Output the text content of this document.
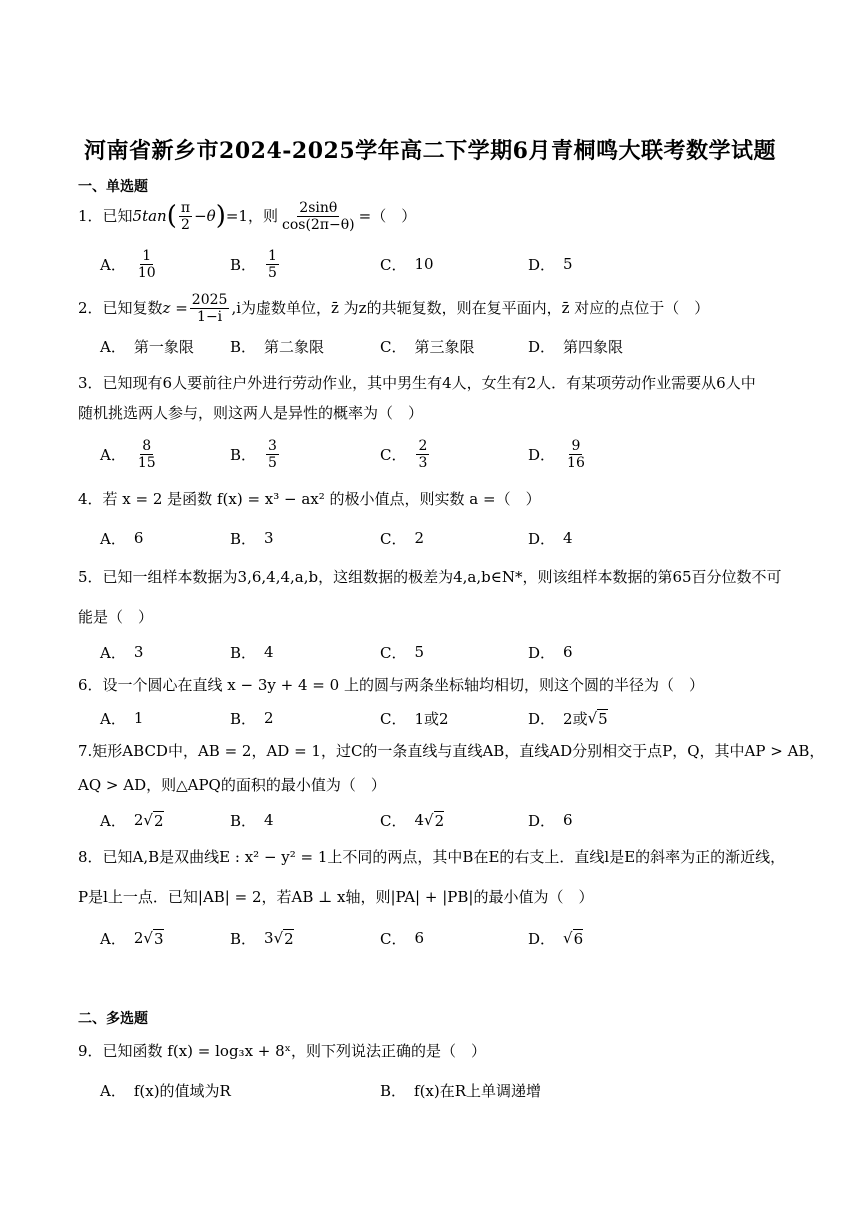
河南省新乡市2024-2025学年高二下学期6月青桐鸣大联考数学试题
一、单选题
1．已知 5tan ( $\frac{\pi}{2} -\theta$ ) =1，则 $\frac{2\sin\theta}{\cos(2\pi-\theta)}$ =（　）
A． $\frac{1}{10}$	B． $\frac{1}{5}$	C． 10	D． 5
2．已知复数 $z = \frac{2025}{1-i} ,i$为虚数单位，z̄ 为z的共轭复数，则在复平面内，z̄ 对应的点位于（　）
A． 第一象限 B． 第二象限	C． 第三象限	D． 第四象限
3．已知现有6人要前往户外进行劳动作业，其中男生有4人，女生有2人．有某项劳动作业需要从6人中
随机挑选两人参与，则这两人是异性的概率为（　）
A． $\frac{8}{15}$	B． $\frac{3}{5}$	C． $\frac{2}{3}$	D． $\frac{9}{16}$
4．若 x = 2 是函数 f(x) = x³ − ax² 的极小值点，则实数 a =（　）
A． 6	B． 3	C． 2	D． 4
5．已知一组样本数据为3,6,4,4,a,b，这组数据的极差为4,a,b∈N*，则该组样本数据的第65百分位数不可
能是（　）
A． 3	B． 4	C． 5	D． 6
6．设一个圆心在直线 x − 3y + 4 = 0 上的圆与两条坐标轴均相切，则这个圆的半径为（　）
A． 1	B． 2	C． 1或2	D． 2或 √ 5
7.矩形ABCD中，AB = 2，AD = 1，过C的一条直线与直线AB，直线AD分别相交于点P，Q，其中AP > AB，
AQ > AD，则△APQ的面积的最小值为（　）
A． 2 √ 2	B． 4	C． 4 √ 2	D． 6
8．已知A,B是双曲线E : x² − y² = 1上不同的两点，其中B在E的右支上．直线l是E的斜率为正的渐近线，
P是l上一点．已知|AB| = 2，若AB ⊥ x轴，则|PA| + |PB|的最小值为（　）
A． 2 √ 3	B． 3 √ 2	C． 6	D． √ 6
二、多选题
9．已知函数 f(x) = log₃x + 8ˣ，则下列说法正确的是（　）
A． f(x)的值域为R	B． f(x)在R上单调递增
